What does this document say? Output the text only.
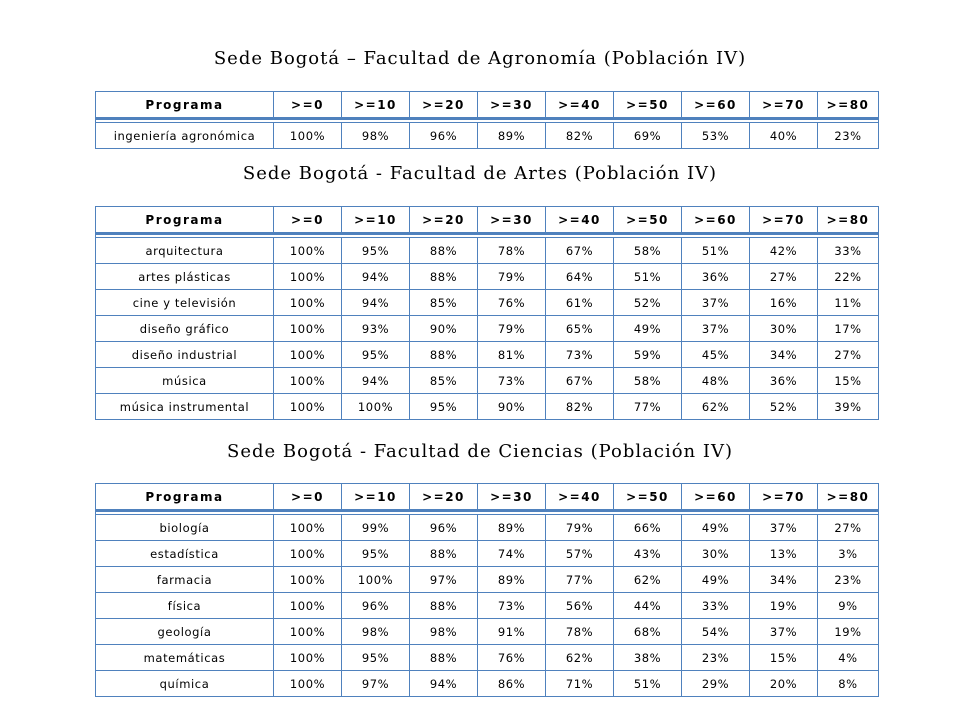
Sede Bogotá – Facultad de Agronomía (Población IV)
Programa	>=0	>=10	>=20	>=30	>=40	>=50	>=60	>=70	>=80

ingeniería agronómica	100%	98%	96%	89%	82%	69%	53%	40%	23%
Sede Bogotá - Facultad de Artes (Población IV)
Programa	>=0	>=10	>=20	>=30	>=40	>=50	>=60	>=70	>=80

arquitectura	100%	95%	88%	78%	67%	58%	51%	42%	33%
artes plásticas	100%	94%	88%	79%	64%	51%	36%	27%	22%
cine y televisión	100%	94%	85%	76%	61%	52%	37%	16%	11%
diseño gráfico	100%	93%	90%	79%	65%	49%	37%	30%	17%
diseño industrial	100%	95%	88%	81%	73%	59%	45%	34%	27%
música	100%	94%	85%	73%	67%	58%	48%	36%	15%
música instrumental	100%	100%	95%	90%	82%	77%	62%	52%	39%
Sede Bogotá - Facultad de Ciencias (Población IV)
Programa	>=0	>=10	>=20	>=30	>=40	>=50	>=60	>=70	>=80

biología	100%	99%	96%	89%	79%	66%	49%	37%	27%
estadística	100%	95%	88%	74%	57%	43%	30%	13%	3%
farmacia	100%	100%	97%	89%	77%	62%	49%	34%	23%
física	100%	96%	88%	73%	56%	44%	33%	19%	9%
geología	100%	98%	98%	91%	78%	68%	54%	37%	19%
matemáticas	100%	95%	88%	76%	62%	38%	23%	15%	4%
química	100%	97%	94%	86%	71%	51%	29%	20%	8%
